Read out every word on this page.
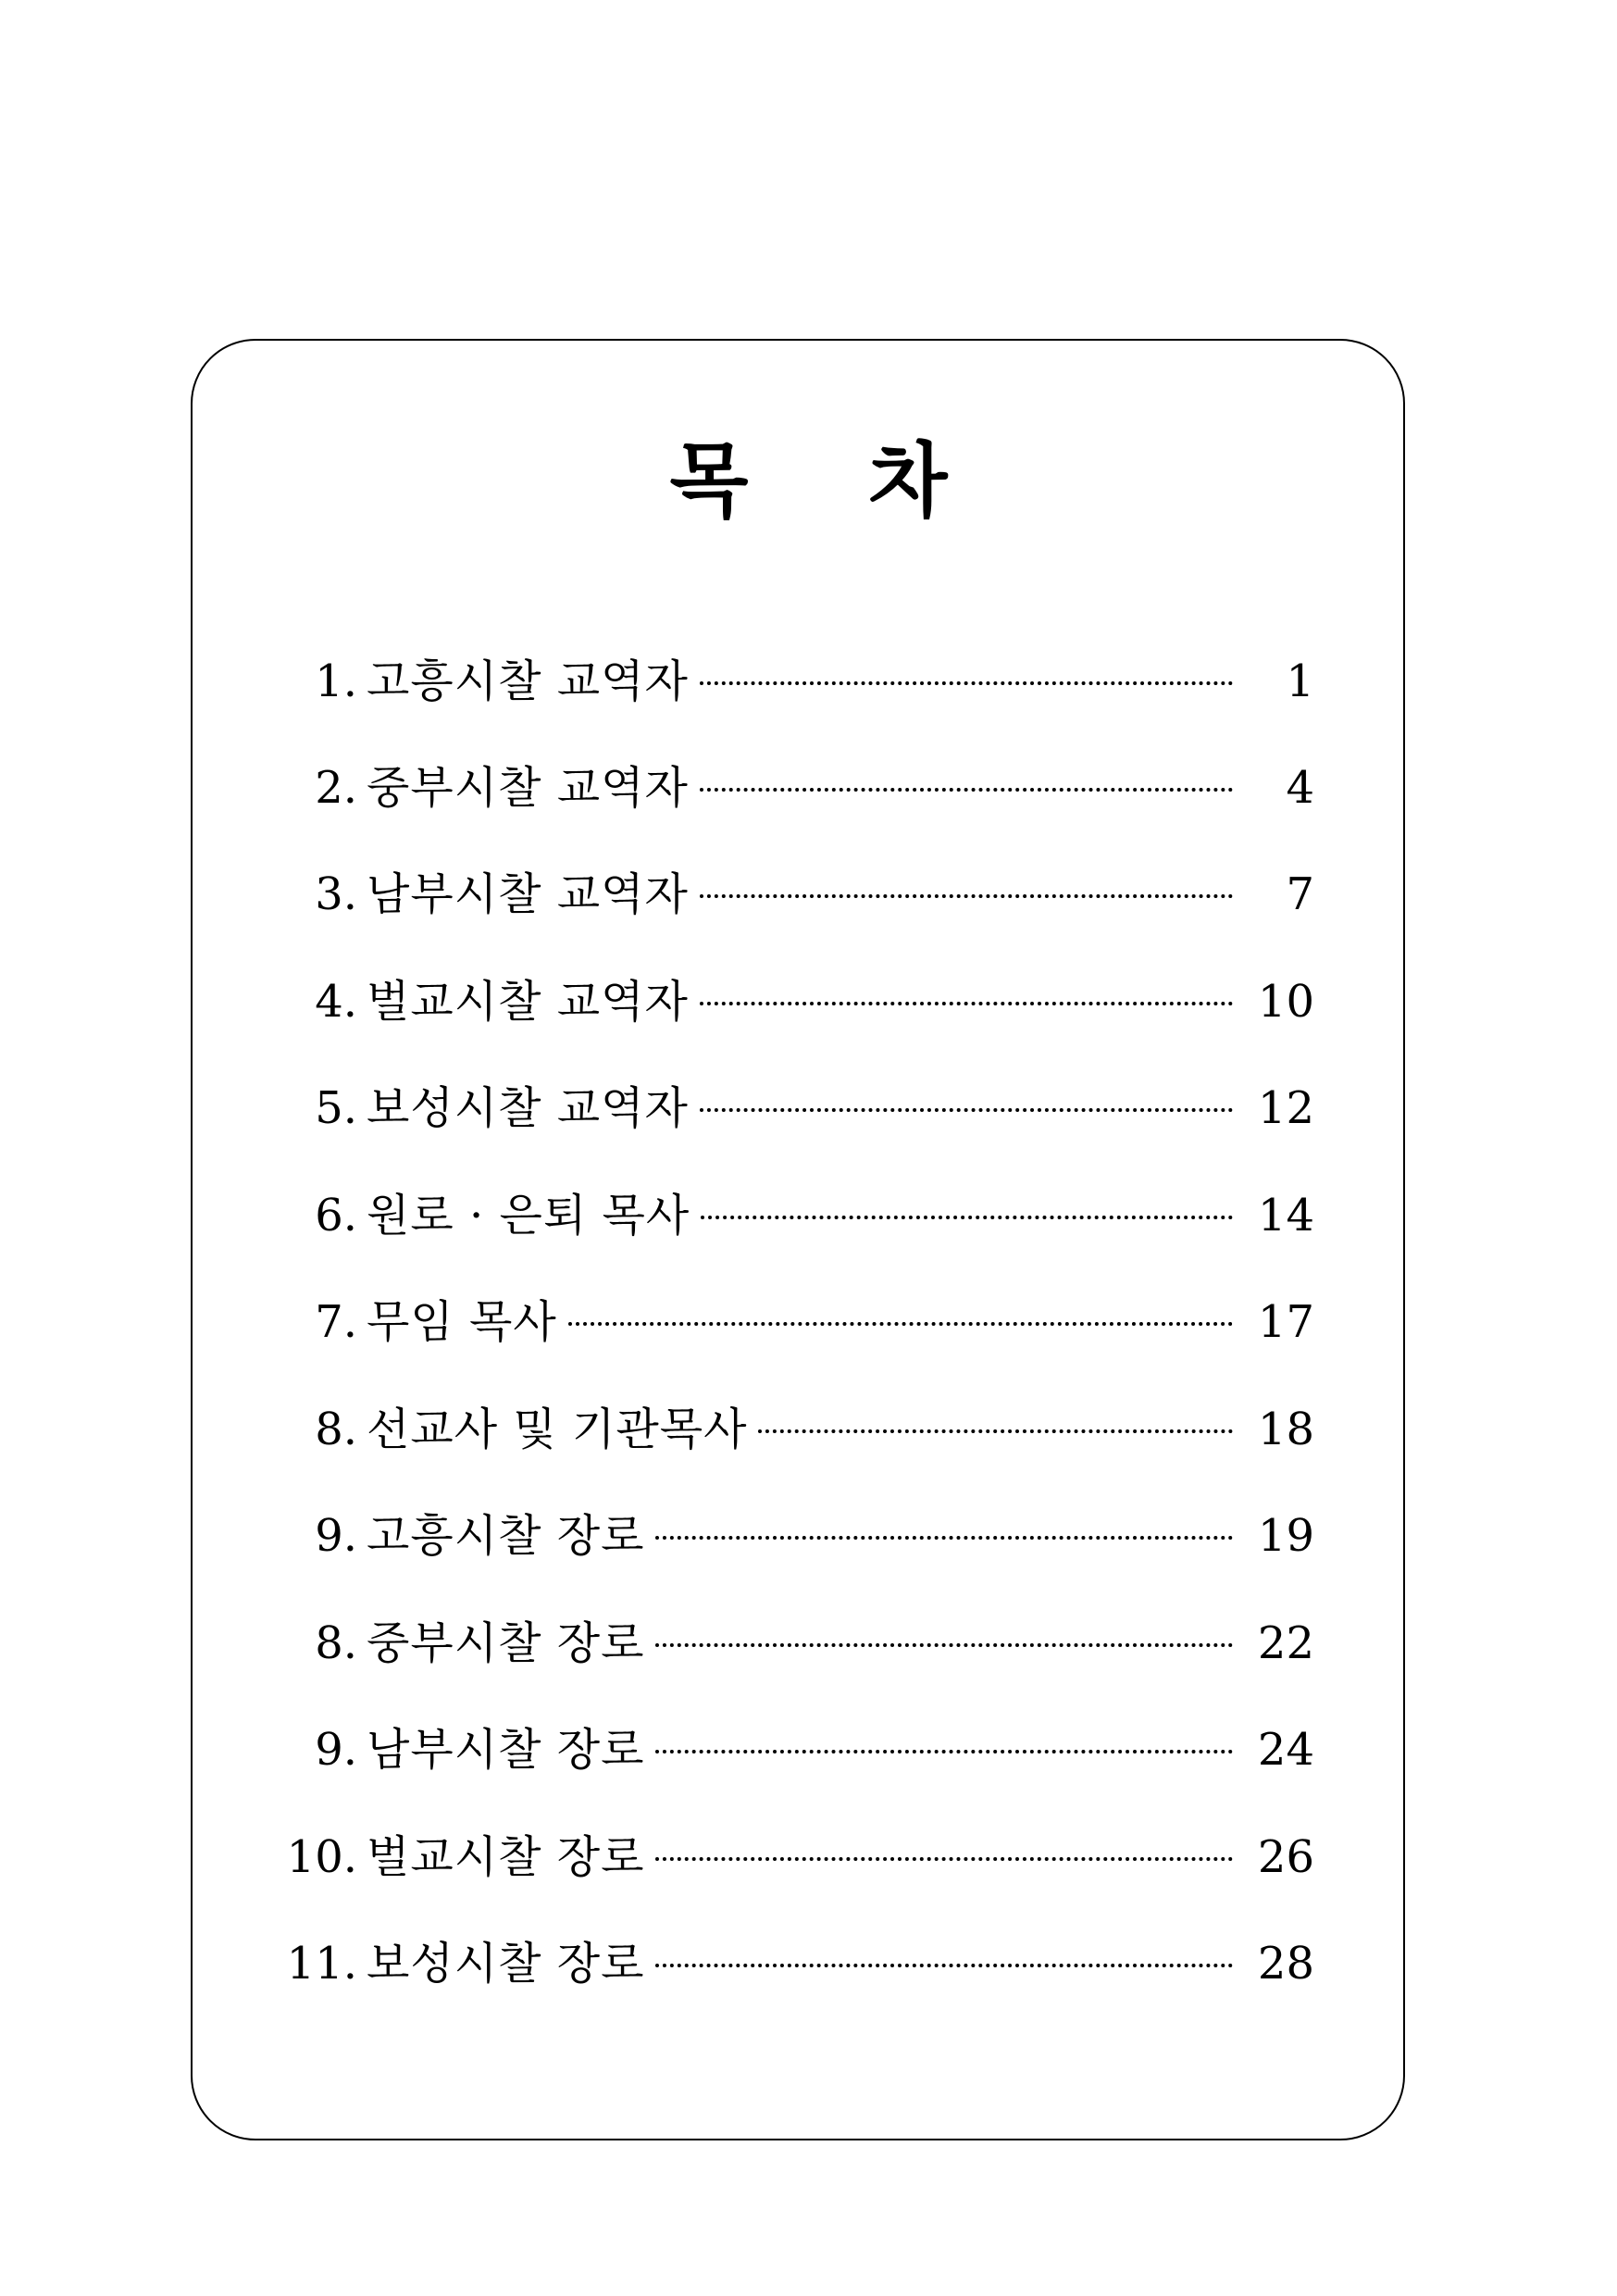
목 차
1. 고흥시찰 교역자	1
2. 중부시찰 교역자	4
3. 남부시찰 교역자	7
4. 벌교시찰 교역자	10
5. 보성시찰 교역자	12
6. 원로 · 은퇴 목사	14
7. 무임 목사	17
8. 선교사 및 기관목사	18
9. 고흥시찰 장로	19
8. 중부시찰 장로	22
9. 남부시찰 장로	24
10. 벌교시찰 장로	26
11. 보성시찰 장로	28
